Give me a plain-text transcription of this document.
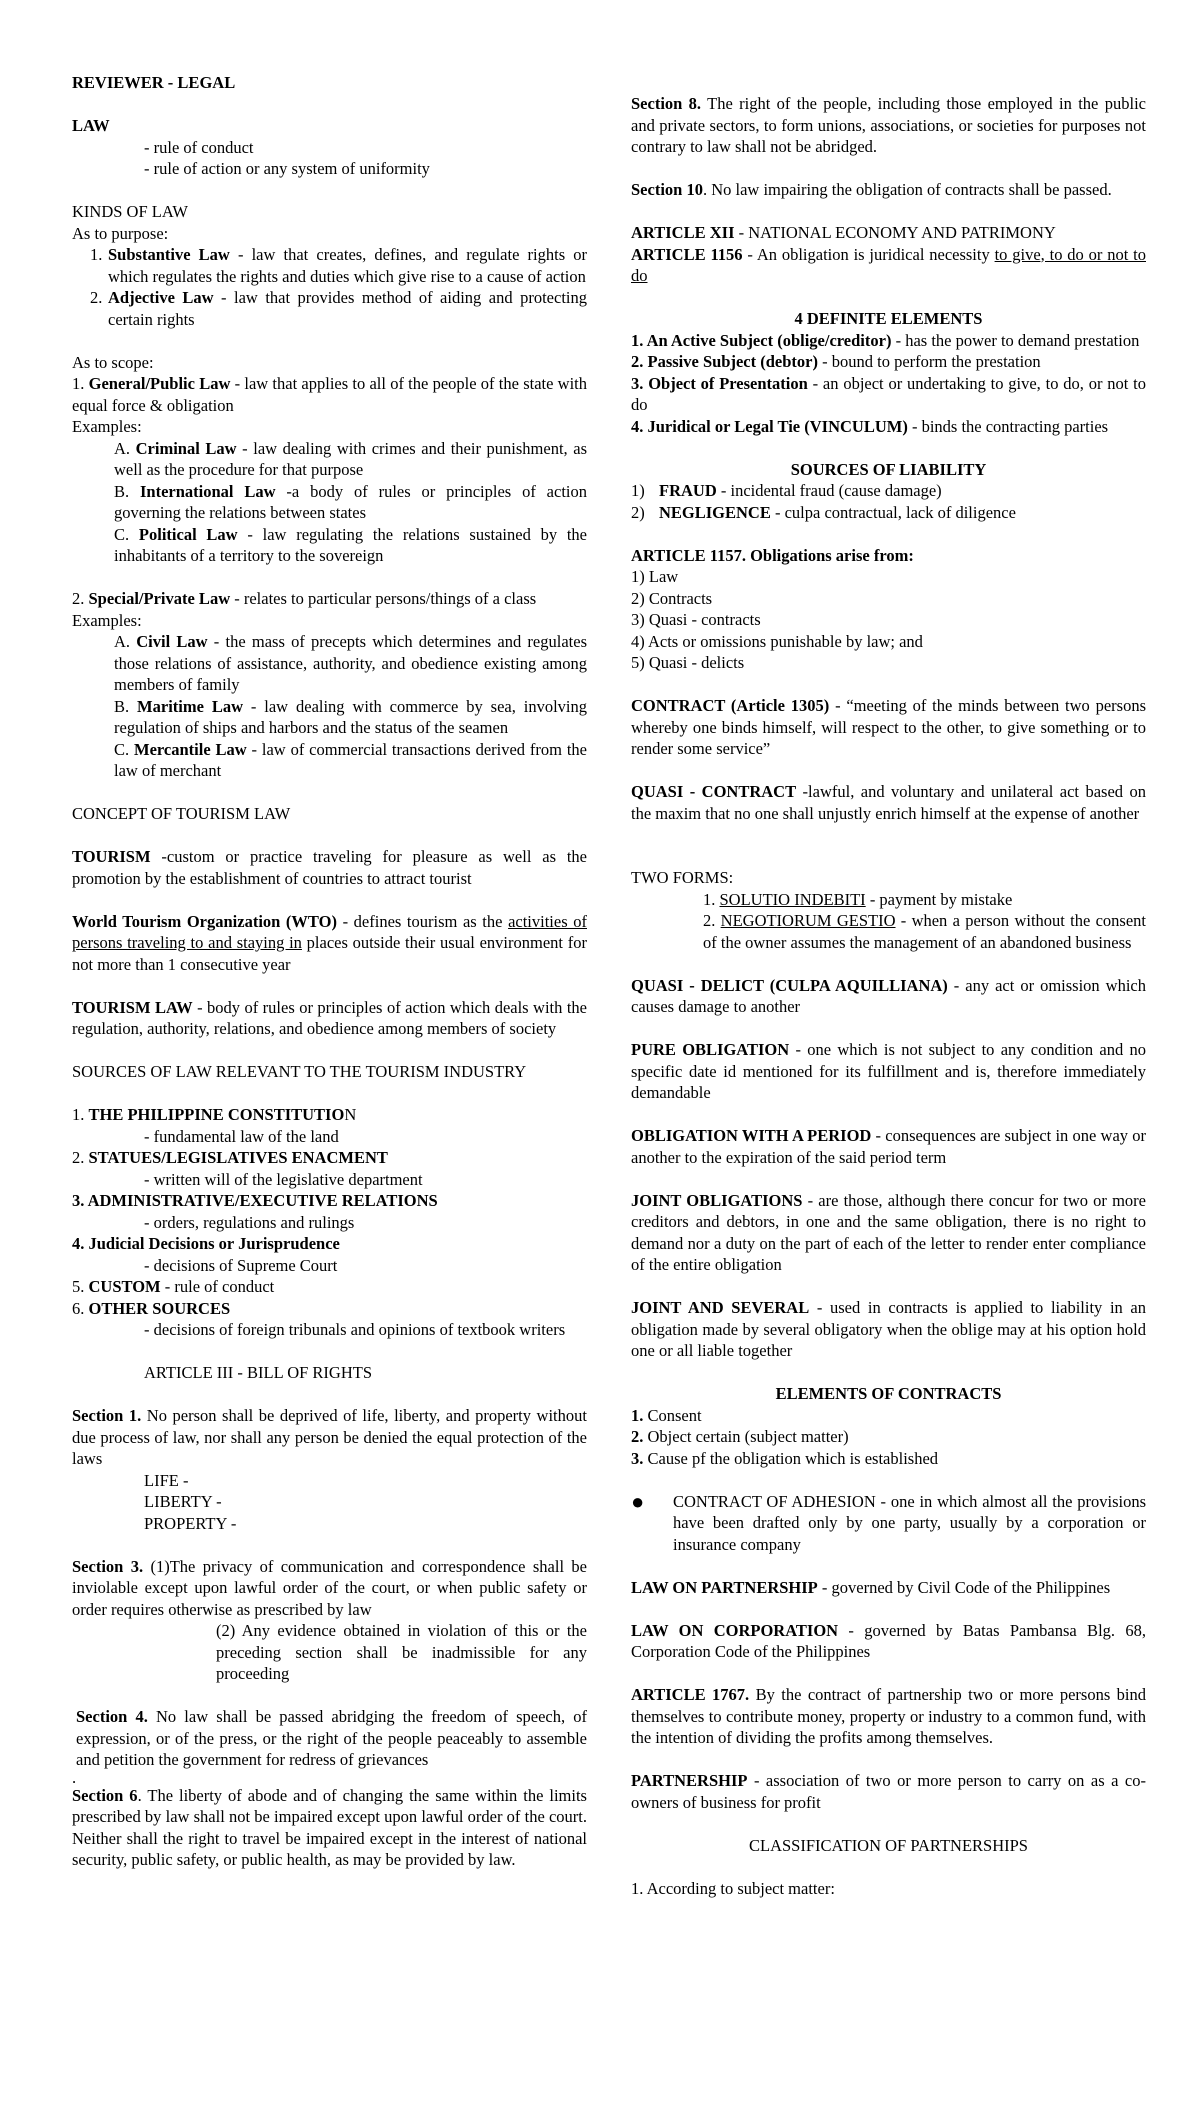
REVIEWER - LEGAL

LAW

- rule of conduct

- rule of action or any system of uniformity

KINDS OF LAW

As to purpose:

1. Substantive Law - law that creates, defines, and regulate rights or which regulates the rights and duties which give rise to a cause of action
2. Adjective Law - law that provides method of aiding and protecting certain rights

As to scope:

1. General/Public Law - law that applies to all of the people of the state with equal force & obligation

Examples:

A. Criminal Law - law dealing with crimes and their punishment, as well as the procedure for that purpose

B. International Law -a body of rules or principles of action governing the relations between states

C. Political Law - law regulating the relations sustained by the inhabitants of a territory to the sovereign

2. Special/Private Law - relates to particular persons/things of a class

Examples:

A. Civil Law - the mass of precepts which determines and regulates those relations of assistance, authority, and obedience existing among members of family

B. Maritime Law - law dealing with commerce by sea, involving regulation of ships and harbors and the status of the seamen

C. Mercantile Law - law of commercial transactions derived from the law of merchant

CONCEPT OF TOURISM LAW

TOURISM -custom or practice traveling for pleasure as well as the promotion by the establishment of countries to attract tourist

World Tourism Organization (WTO) - defines tourism as the activities of persons traveling to and staying in places outside their usual environment for not more than 1 consecutive year

TOURISM LAW - body of rules or principles of action which deals with the regulation, authority, relations, and obedience among members of society

SOURCES OF LAW RELEVANT TO THE TOURISM INDUSTRY

1. THE PHILIPPINE CONSTITUTION

- fundamental law of the land

2. STATUES/LEGISLATIVES ENACMENT

- written will of the legislative department

3. ADMINISTRATIVE/EXECUTIVE RELATIONS

- orders, regulations and rulings

4. Judicial Decisions or Jurisprudence

- decisions of Supreme Court

5. CUSTOM - rule of conduct

6. OTHER SOURCES

- decisions of foreign tribunals and opinions of textbook writers

ARTICLE III - BILL OF RIGHTS

Section 1. No person shall be deprived of life, liberty, and property without due process of law, nor shall any person be denied the equal protection of the laws

LIFE -

LIBERTY -

PROPERTY -

Section 3. (1)The privacy of communication and correspondence shall be inviolable except upon lawful order of the court, or when public safety or order requires otherwise as prescribed by law

(2) Any evidence obtained in violation of this or the preceding section shall be inadmissible for any proceeding

Section 4. No law shall be passed abridging the freedom of speech, of expression, or of the press, or the right of the people peaceably to assemble and petition the government for redress of grievances

.

Section 6. The liberty of abode and of changing the same within the limits prescribed by law shall not be impaired except upon lawful order of the court. Neither shall the right to travel be impaired except in the interest of national security, public safety, or public health, as may be provided by law.

Section 8. The right of the people, including those employed in the public and private sectors, to form unions, associations, or societies for purposes not contrary to law shall not be abridged.

Section 10. No law impairing the obligation of contracts shall be passed.

ARTICLE XII - NATIONAL ECONOMY AND PATRIMONY

ARTICLE 1156 - An obligation is juridical necessity to give, to do or not to do

4 DEFINITE ELEMENTS

1. An Active Subject (oblige/creditor) - has the power to demand prestation

2. Passive Subject (debtor) - bound to perform the prestation

3. Object of Presentation - an object or undertaking to give, to do, or not to do

4. Juridical or Legal Tie (VINCULUM) - binds the contracting parties

SOURCES OF LIABILITY

1) FRAUD - incidental fraud (cause damage)
2) NEGLIGENCE - culpa contractual, lack of diligence

ARTICLE 1157. Obligations arise from:

1) Law

2) Contracts

3) Quasi - contracts

4) Acts or omissions punishable by law; and

5) Quasi - delicts

CONTRACT (Article 1305) - “meeting of the minds between two persons whereby one binds himself, will respect to the other, to give something or to render some service”

QUASI - CONTRACT -lawful, and voluntary and unilateral act based on the maxim that no one shall unjustly enrich himself at the expense of another

TWO FORMS:

1. SOLUTIO INDEBITI - payment by mistake

2. NEGOTIORUM GESTIO - when a person without the consent of the owner assumes the management of an abandoned business

QUASI - DELICT (CULPA AQUILLIANA) - any act or omission which causes damage to another

PURE OBLIGATION - one which is not subject to any condition and no specific date id mentioned for its fulfillment and is, therefore immediately demandable

OBLIGATION WITH A PERIOD - consequences are subject in one way or another to the expiration of the said period term

JOINT OBLIGATIONS - are those, although there concur for two or more creditors and debtors, in one and the same obligation, there is no right to demand nor a duty on the part of each of the letter to render enter compliance of the entire obligation

JOINT AND SEVERAL - used in contracts is applied to liability in an obligation made by several obligatory when the oblige may at his option hold one or all liable together

ELEMENTS OF CONTRACTS

1. Consent

2. Object certain (subject matter)

3. Cause pf the obligation which is established

●	CONTRACT OF ADHESION - one in which almost all the provisions have been drafted only by one party, usually by a corporation or insurance company

LAW ON PARTNERSHIP - governed by Civil Code of the Philippines

LAW ON CORPORATION - governed by Batas Pambansa Blg. 68, Corporation Code of the Philippines

ARTICLE 1767. By the contract of partnership two or more persons bind themselves to contribute money, property or industry to a common fund, with the intention of dividing the profits among themselves.

PARTNERSHIP - association of two or more person to carry on as a co-owners of business for profit

CLASSIFICATION OF PARTNERSHIPS

1. According to subject matter:
